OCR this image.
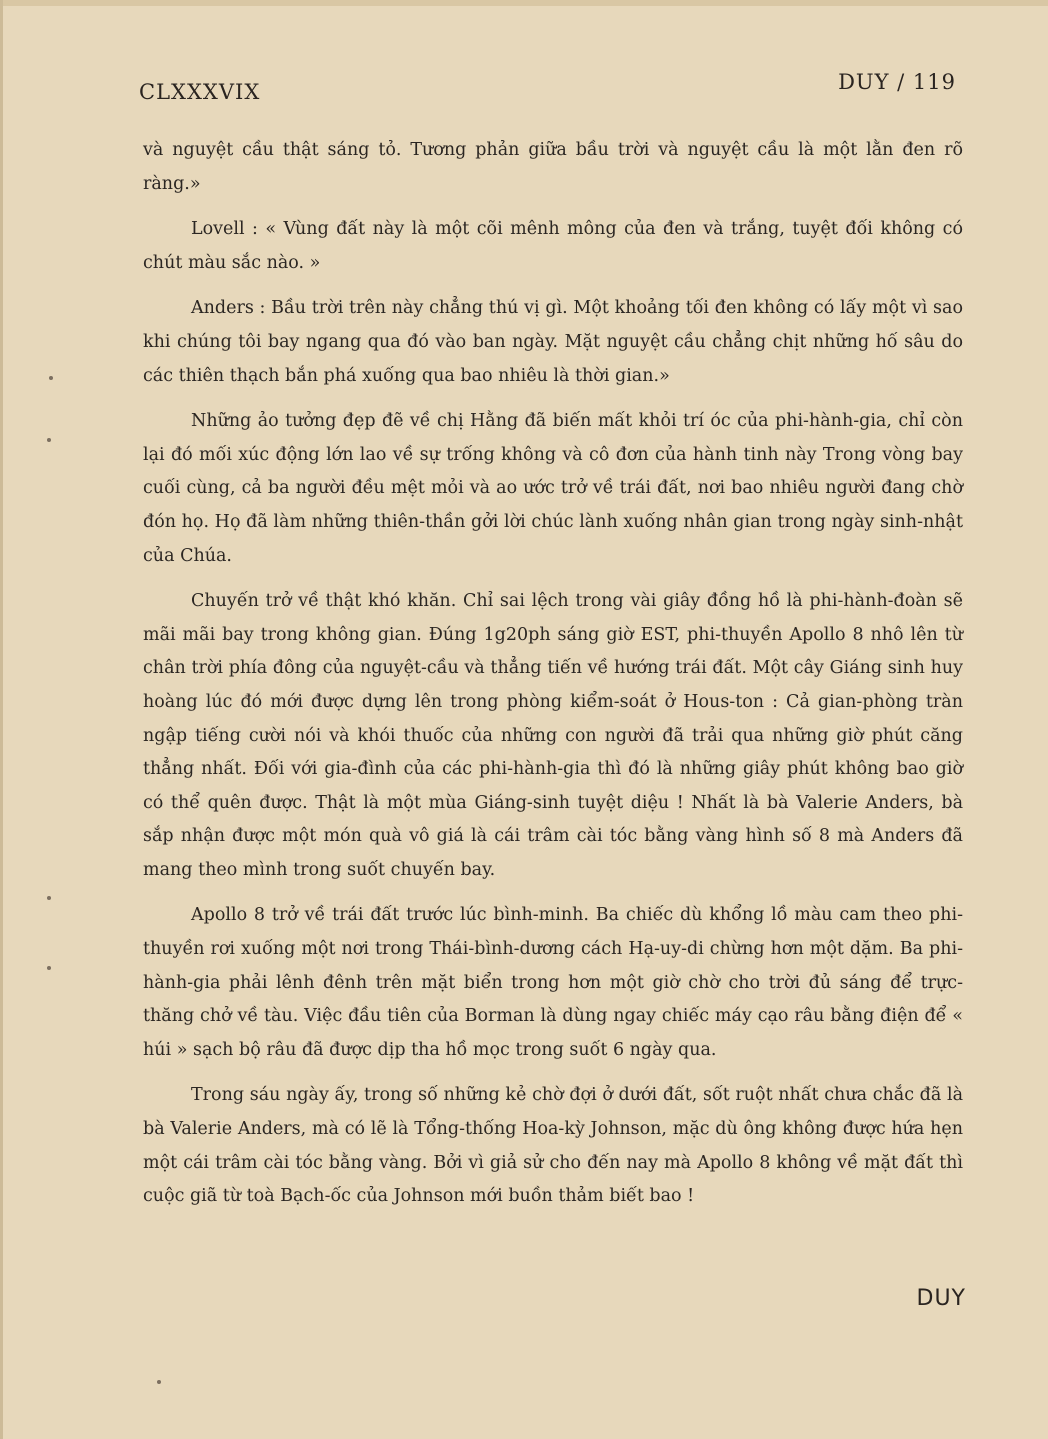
CLXXXVIX	DUY / 119

và nguyệt cầu thật sáng tỏ. Tương phản giữa bầu trời và nguyệt cầu là một lằn đen rõ ràng.»

Lovell : « Vùng đất này là một cõi mênh mông của đen và trắng, tuyệt đối không có chút màu sắc nào. »

Anders : Bầu trời trên này chẳng thú vị gì. Một khoảng tối đen không có lấy một vì sao khi chúng tôi bay ngang qua đó vào ban ngày. Mặt nguyệt cầu chẳng chịt những hố sâu do các thiên thạch bắn phá xuống qua bao nhiêu là thời gian.»

Những ảo tưởng đẹp đẽ về chị Hằng đã biến mất khỏi trí óc của phi-hành-gia, chỉ còn lại đó mối xúc động lớn lao về sự trống không và cô đơn của hành tinh này Trong vòng bay cuối cùng, cả ba người đều mệt mỏi và ao ước trở về trái đất, nơi bao nhiêu người đang chờ đón họ. Họ đã làm những thiên-thần gởi lời chúc lành xuống nhân gian trong ngày sinh-nhật của Chúa.

Chuyến trở về thật khó khăn. Chỉ sai lệch trong vài giây đồng hồ là phi-hành-đoàn sẽ mãi mãi bay trong không gian. Đúng 1g20ph sáng giờ EST, phi-thuyền Apollo 8 nhô lên từ chân trời phía đông của nguyệt-cầu và thẳng tiến về hướng trái đất. Một cây Giáng sinh huy hoàng lúc đó mới được dựng lên trong phòng kiểm-soát ở Hous-ton : Cả gian-phòng tràn ngập tiếng cười nói và khói thuốc của những con người đã trải qua những giờ phút căng thẳng nhất. Đối với gia-đình của các phi-hành-gia thì đó là những giây phút không bao giờ có thể quên được. Thật là một mùa Giáng-sinh tuyệt diệu ! Nhất là bà Valerie Anders, bà sắp nhận được một món quà vô giá là cái trâm cài tóc bằng vàng hình số 8 mà Anders đã mang theo mình trong suốt chuyến bay.

Apollo 8 trở về trái đất trước lúc bình-minh. Ba chiếc dù khổng lồ màu cam theo phi-thuyền rơi xuống một nơi trong Thái-bình-dương cách Hạ-uy-di chừng hơn một dặm. Ba phi-hành-gia phải lênh đênh trên mặt biển trong hơn một giờ chờ cho trời đủ sáng để trực-thăng chở về tàu. Việc đầu tiên của Borman là dùng ngay chiếc máy cạo râu bằng điện để « húi » sạch bộ râu đã được dịp tha hồ mọc trong suốt 6 ngày qua.

Trong sáu ngày ấy, trong số những kẻ chờ đợi ở dưới đất, sốt ruột nhất chưa chắc đã là bà Valerie Anders, mà có lẽ là Tổng-thống Hoa-kỳ Johnson, mặc dù ông không được hứa hẹn một cái trâm cài tóc bằng vàng. Bởi vì giả sử cho đến nay mà Apollo 8 không về mặt đất thì cuộc giã từ toà Bạch-ốc của Johnson mới buồn thảm biết bao !

DUY
